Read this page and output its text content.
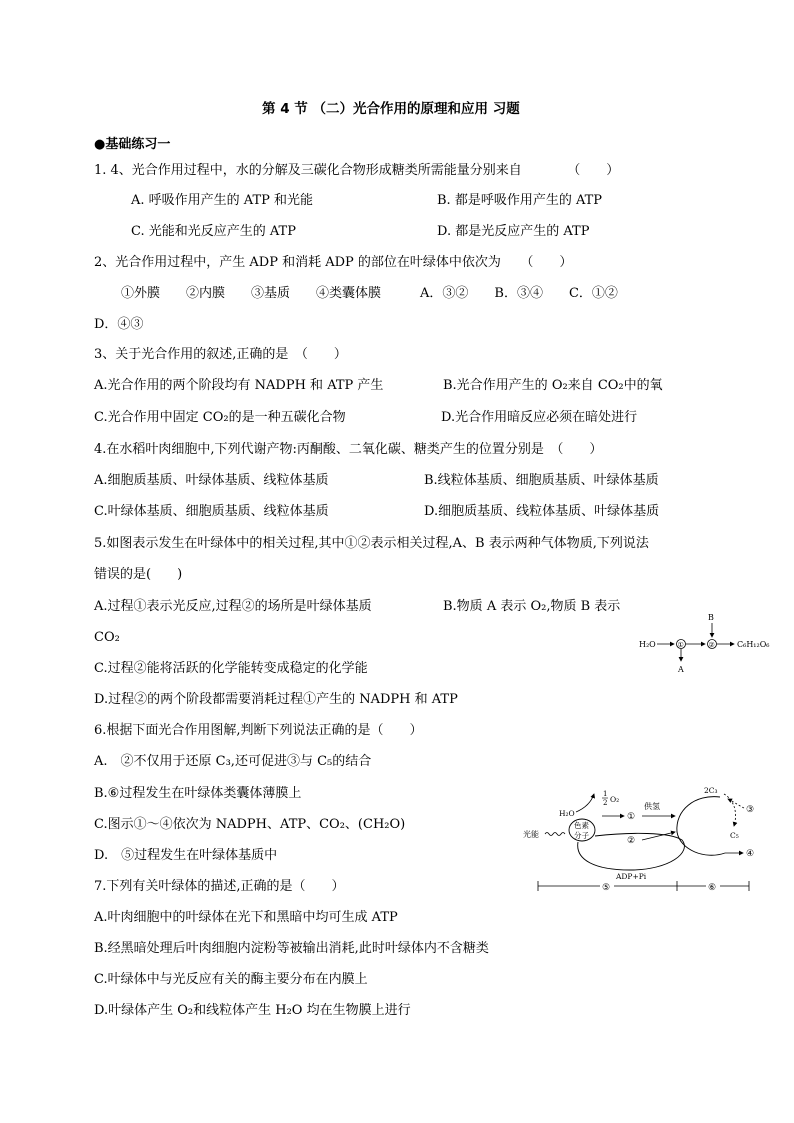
第 4 节 （二）光合作用的原理和应用 习题
●基础练习一
1. 4、光合作用过程中，水的分解及三碳化合物形成糖类所需能量分别来自　　　　（　　）
A. 呼吸作用产生的 ATP 和光能	B. 都是呼吸作用产生的 ATP
C. 光能和光反应产生的 ATP	D. 都是光反应产生的 ATP
2、光合作用过程中，产生 ADP 和消耗 ADP 的部位在叶绿体中依次为　　（　　）
①外膜　　②内膜　　③基质　　④类囊体膜　　　A．③②　　B．③④　　C．①②
D．④③
3、关于光合作用的叙述,正确的是　（　　）
A.光合作用的两个阶段均有 NADPH 和 ATP 产生	B.光合作用产生的 O₂来自 CO₂中的氧
C.光合作用中固定 CO₂的是一种五碳化合物	D.光合作用暗反应必须在暗处进行
4.在水稻叶肉细胞中,下列代谢产物:丙酮酸、二氧化碳、糖类产生的位置分别是　（　　）
A.细胞质基质、叶绿体基质、线粒体基质	B.线粒体基质、细胞质基质、叶绿体基质
C.叶绿体基质、细胞质基质、线粒体基质	D.细胞质基质、线粒体基质、叶绿体基质
5.如图表示发生在叶绿体中的相关过程,其中①②表示相关过程,A、B 表示两种气体物质,下列说法
错误的是(　　)
A.过程①表示光反应,过程②的场所是叶绿体基质	B.物质 A 表示 O₂,物质 B 表示
CO₂
C.过程②能将活跃的化学能转变成稳定的化学能
D.过程②的两个阶段都需要消耗过程①产生的 NADPH 和 ATP
6.根据下面光合作用图解,判断下列说法正确的是（　　）
A.　②不仅用于还原 C₃,还可促进③与 C₅的结合
B.⑥过程发生在叶绿体类囊体薄膜上
C.图示①～④依次为 NADPH、ATP、CO₂、(CH₂O)
D.　⑤过程发生在叶绿体基质中
7.下列有关叶绿体的描述,正确的是（　　）
A.叶肉细胞中的叶绿体在光下和黑暗中均可生成 ATP
B.经黑暗处理后叶肉细胞内淀粉等被输出消耗,此时叶绿体内不含糖类
C.叶绿体中与光反应有关的酶主要分布在内膜上
D.叶绿体产生 O₂和线粒体产生 H₂O 均在生物膜上进行
H₂O	①
A
②
B
C₆H₁₂O₆
H₂O
1
2 O₂
①
供氢
②
光能
色素
分子
ADP+Pi
2C₃
C₅
③
④
⑤	⑥
